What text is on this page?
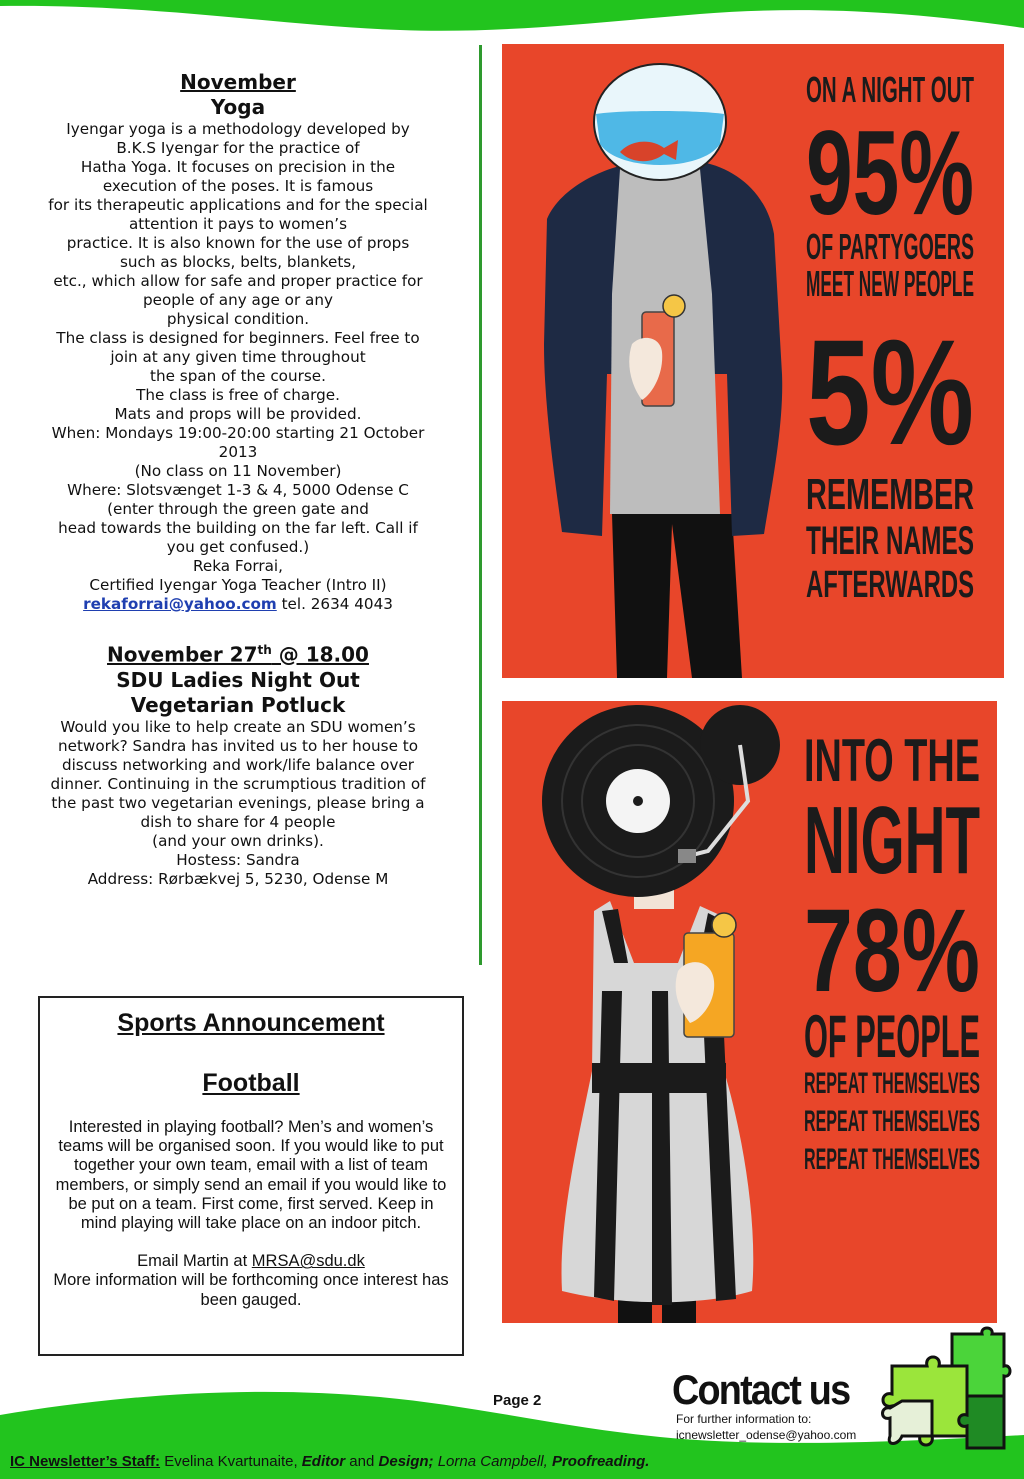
November
Yoga
Iyengar yoga is a methodology developed by
B.K.S Iyengar for the practice of
Hatha Yoga. It focuses on precision in the
execution of the poses. It is famous
for its therapeutic applications and for the special
attention it pays to women’s
practice. It is also known for the use of props
such as blocks, belts, blankets,
etc., which allow for safe and proper practice for
people of any age or any
physical condition.
The class is designed for beginners. Feel free to
join at any given time throughout
the span of the course.
The class is free of charge.
Mats and props will be provided.
When: Mondays 19:00-20:00 starting 21 October
2013
(No class on 11 November)
Where: Slotsvænget 1-3 & 4, 5000 Odense C
(enter through the green gate and
head towards the building on the far left. Call if
you get confused.)
Reka Forrai,
Certified Iyengar Yoga Teacher (Intro II)
rekaforrai@yahoo.com tel. 2634 4043
November 27th @ 18.00
SDU Ladies Night Out
Vegetarian Potluck
Would you like to help create an SDU women’s
network? Sandra has invited us to her house to
discuss networking and work/life balance over
dinner. Continuing in the scrumptious tradition of
the past two vegetarian evenings, please bring a
dish to share for 4 people
(and your own drinks).
Hostess: Sandra
Address: Rørbækvej 5, 5230, Odense M
Sports Announcement
Football

Interested in playing football? Men’s and women’s teams will be organised soon. If you would like to put together your own team, email with a list of team members, or simply send an email if you would like to be put on a team. First come, first served. Keep in mind playing will take place on an indoor pitch.

Email Martin at MRSA@sdu.dk

More information will be forthcoming once interest has been gauged.

ON A NIGHT OUT
95%
OF PARTYGOERS
MEET NEW PEOPLE
5%
REMEMBER
THEIR NAMES
AFTERWARDS
INTO THE
NIGHT
78%
OF PEOPLE
REPEAT THEMSELVES
REPEAT THEMSELVES
REPEAT THEMSELVES
Page 2	Contact us
For further information to:
icnewsletter_odense@yahoo.com
IC Newsletter’s Staff: Evelina Kvartunaite, Editor and Design; Lorna Campbell, Proofreading.
